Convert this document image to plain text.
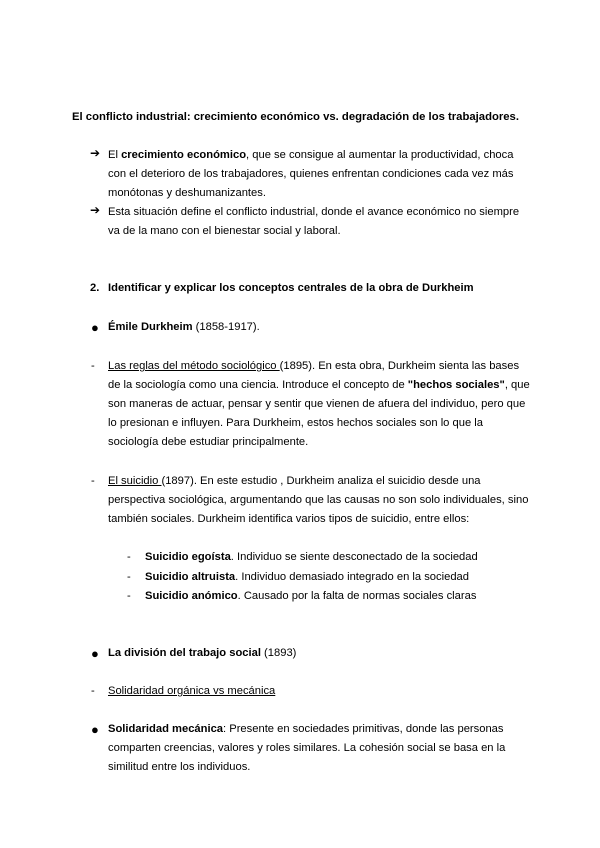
El conflicto industrial: crecimiento económico vs. degradación de los trabajadores.
➔ El crecimiento económico, que se consigue al aumentar la productividad, choca
con el deterioro de los trabajadores, quienes enfrentan condiciones cada vez más
monótonas y deshumanizantes.
➔ Esta situación define el conflicto industrial, donde el avance económico no siempre
va de la mano con el bienestar social y laboral.
2. Identificar y explicar los conceptos centrales de la obra de Durkheim
● Émile Durkheim (1858-1917).
- Las reglas del método sociológico (1895). En esta obra, Durkheim sienta las bases
de la sociología como una ciencia. Introduce el concepto de "hechos sociales", que
son maneras de actuar, pensar y sentir que vienen de afuera del individuo, pero que
lo presionan e influyen. Para Durkheim, estos hechos sociales son lo que la
sociología debe estudiar principalmente.
- El suicidio (1897). En este estudio , Durkheim analiza el suicidio desde una
perspectiva sociológica, argumentando que las causas no son solo individuales, sino
también sociales. Durkheim identifica varios tipos de suicidio, entre ellos:
- Suicidio egoísta. Individuo se siente desconectado de la sociedad
- Suicidio altruista. Individuo demasiado integrado en la sociedad
- Suicidio anómico. Causado por la falta de normas sociales claras
● La división del trabajo social (1893)
- Solidaridad orgánica vs mecánica
● Solidaridad mecánica: Presente en sociedades primitivas, donde las personas
comparten creencias, valores y roles similares. La cohesión social se basa en la
similitud entre los individuos.
